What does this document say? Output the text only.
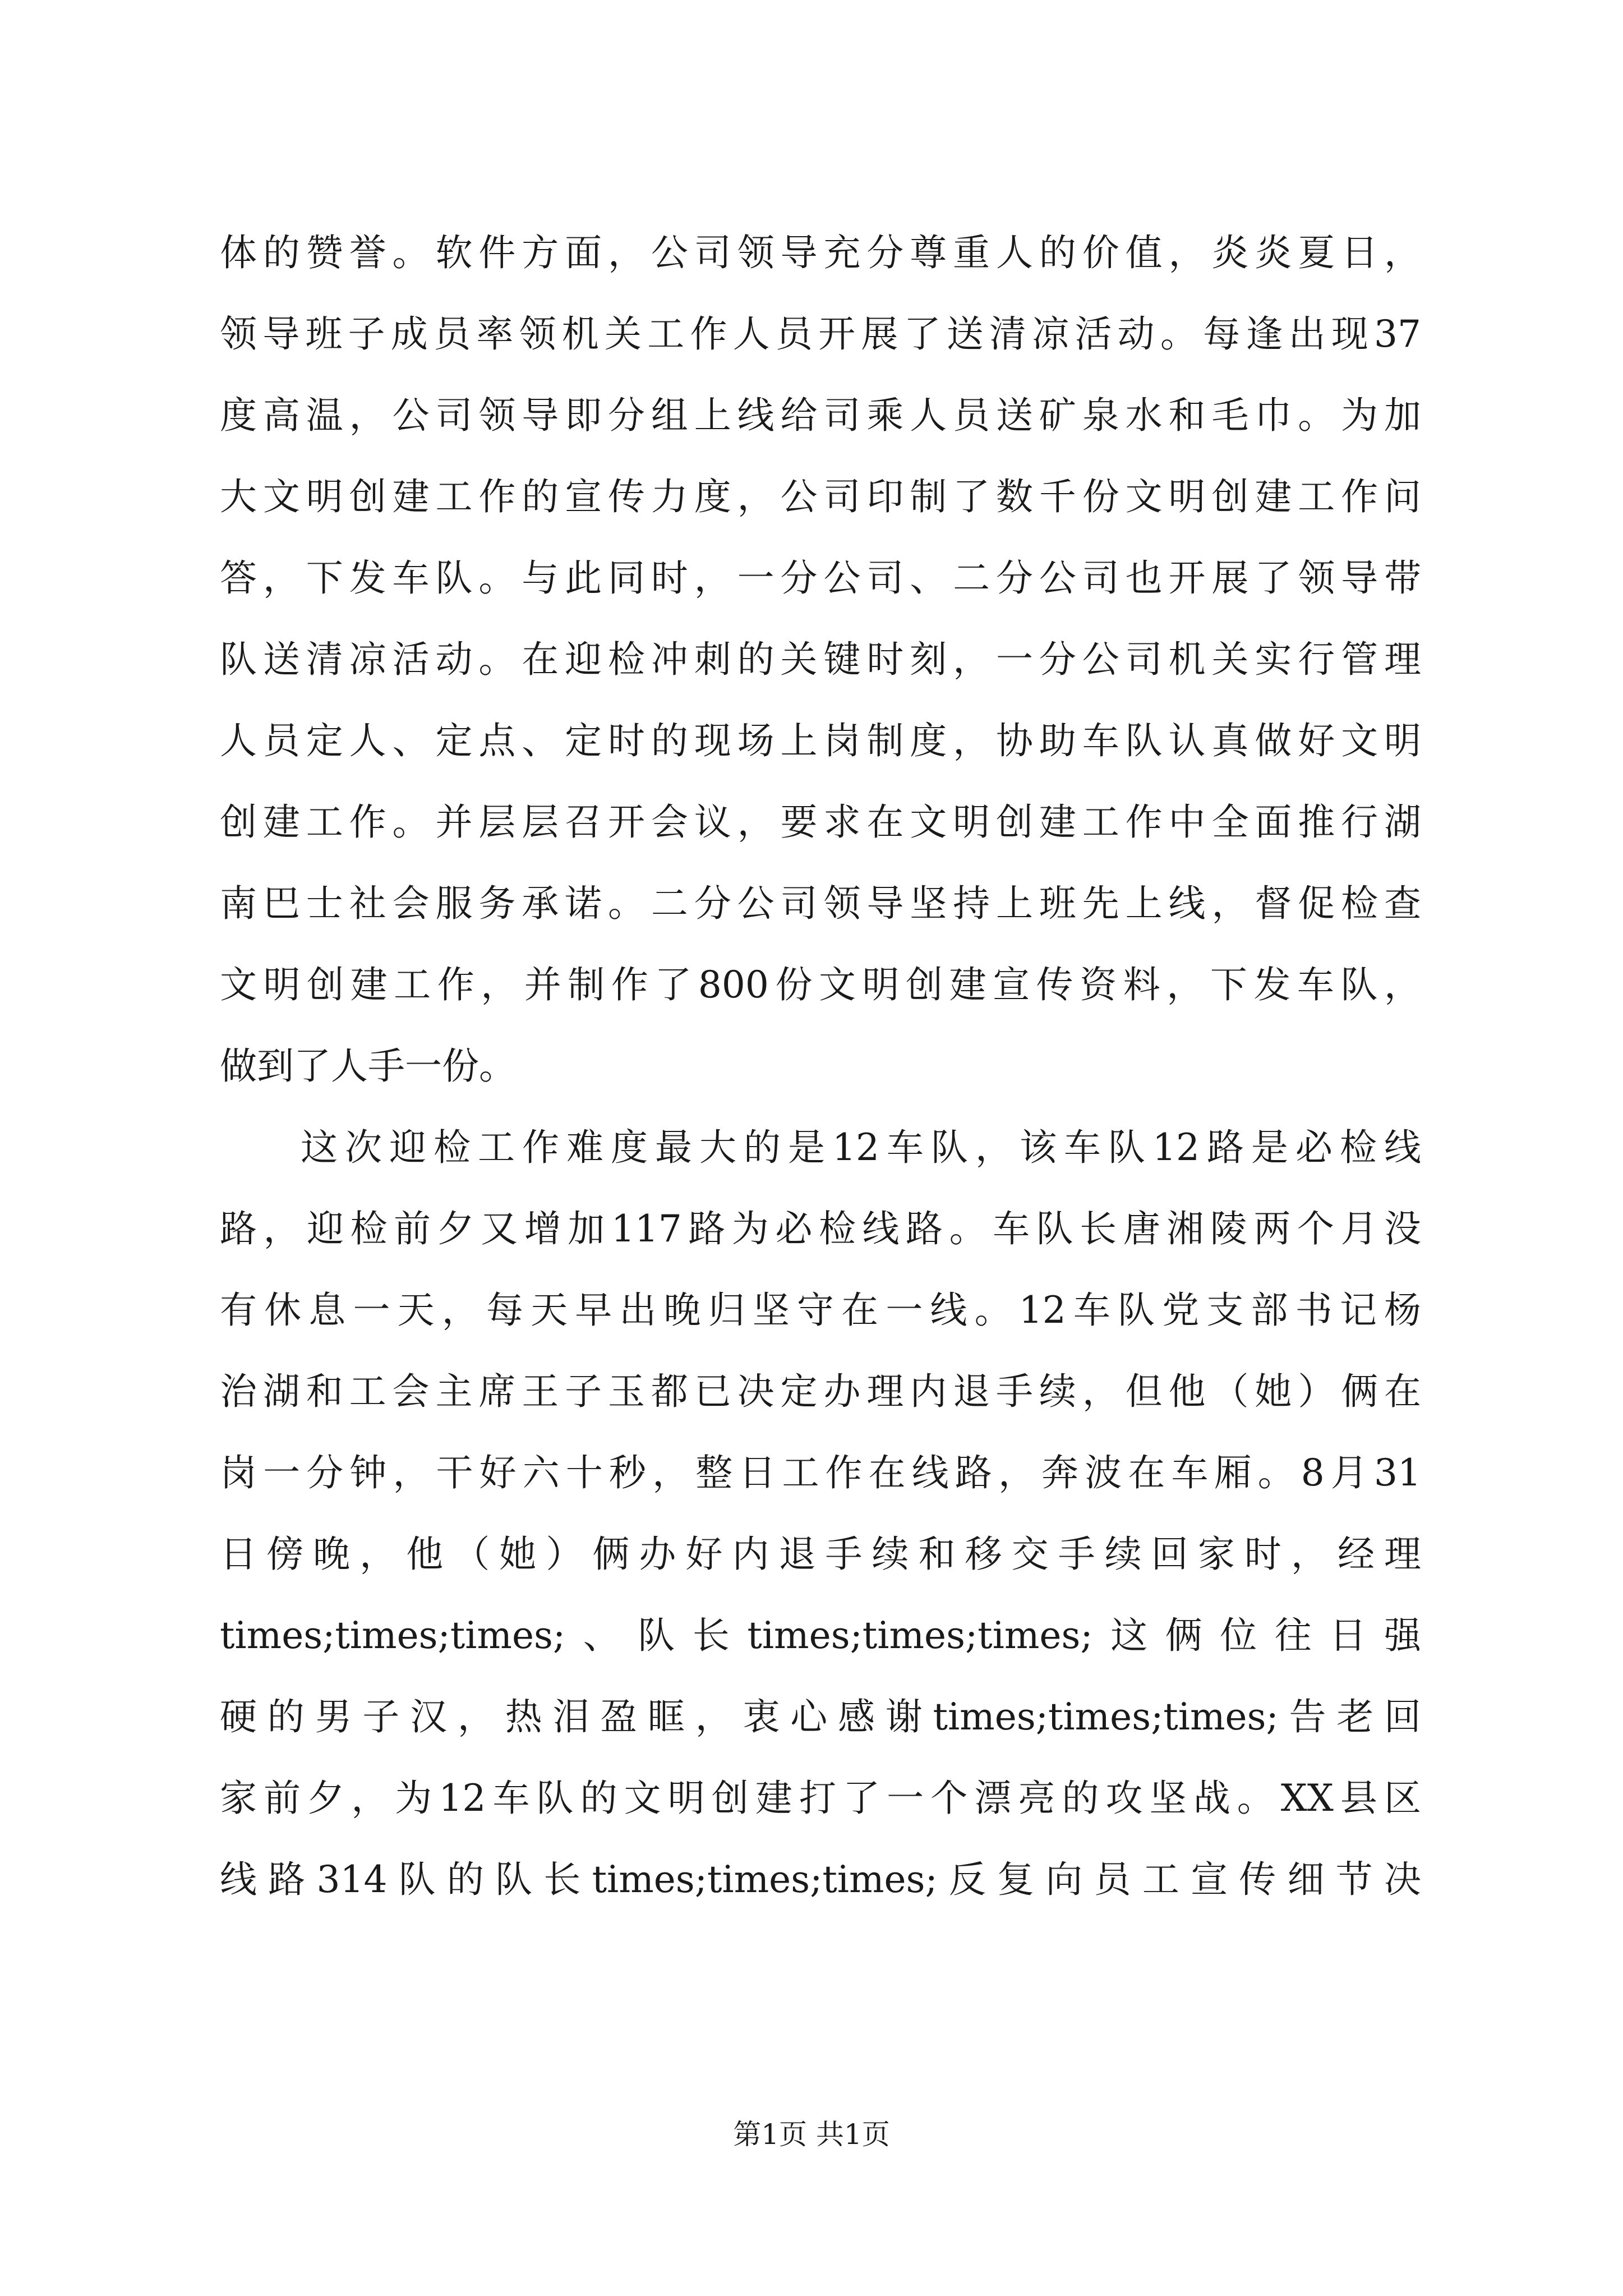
体的赞誉。软件方面，公司领导充分尊重人的价值，炎炎夏日，
领导班子成员率领机关工作人员开展了送清凉活动。每逢出现37
度高温，公司领导即分组上线给司乘人员送矿泉水和毛巾。为加
大文明创建工作的宣传力度，公司印制了数千份文明创建工作问
答，下发车队。与此同时，一分公司、二分公司也开展了领导带
队送清凉活动。在迎检冲刺的关键时刻，一分公司机关实行管理
人员定人、定点、定时的现场上岗制度，协助车队认真做好文明
创建工作。并层层召开会议，要求在文明创建工作中全面推行湖
南巴士社会服务承诺。二分公司领导坚持上班先上线，督促检查
文明创建工作，并制作了800份文明创建宣传资料，下发车队，
做到了人手一份。
这次迎检工作难度最大的是12车队，该车队12路是必检线
路，迎检前夕又增加117路为必检线路。车队长唐湘陵两个月没
有休息一天，每天早出晚归坚守在一线。12车队党支部书记杨
治湖和工会主席王子玉都已决定办理内退手续，但他（她）俩在
岗一分钟，干好六十秒，整日工作在线路，奔波在车厢。8月31
日傍晚，他（她）俩办好内退手续和移交手续回家时，经理
times;times;times;、队长times;times;times;这俩位往日强
硬的男子汉，热泪盈眶，衷心感谢times;times;times;告老回
家前夕，为12车队的文明创建打了一个漂亮的攻坚战。XX县区
线路314队的队长times;times;times;反复向员工宣传细节决
第1页 共1页
